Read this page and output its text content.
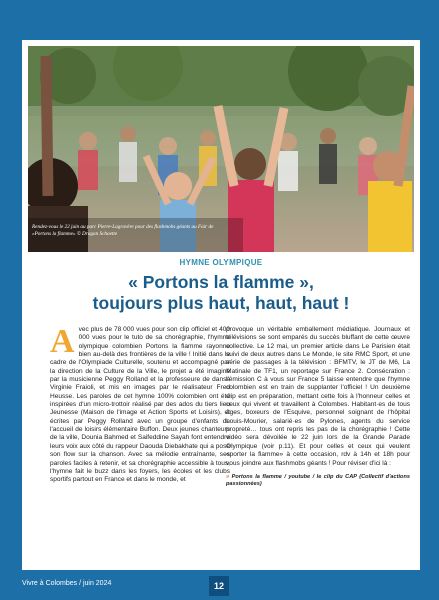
Rendez-vous le 22 juin au parc Pierre-Lagravère pour des flashmobs géants au Fair de «Portons la flamme» © Dragan Schoette
HYMNE OLYMPIQUE
« Portons la flamme »,
toujours plus haut, haut, haut !
A vec plus de 78 000 vues pour son clip officiel et 400 000 vues pour le tuto de sa chorégraphie, l'hymne olympique colombien Portons la flamme rayonne bien au-delà des frontières de la ville ! Initié dans le cadre de l'Olympiade Culturelle, soutenu et accompagné par la direction de la Culture de la Ville, le projet a été imaginé par la musicienne Peggy Rolland et la professeure de danse Virginie Fraioli, et mis en images par le réalisateur Fred Heusse. Les paroles de cet hymne 100% colombien ont été inspirées d'un micro-trottoir réalisé par des ados du tiers lieu Jeunesse (Maison de l'image et Action Sports et Loisirs), et écrites par Peggy Rolland avec un groupe d'enfants de l'accueil de loisirs élémentaire Buffon. Deux jeunes chanteurs de la ville, Dounia Bahmed et Saifeddine Sayah font entendre leurs voix aux côté du rappeur Daouda Diebakhate qui a posé son flow sur la chanson. Avec sa mélodie entraînante, ses paroles faciles à retenir, et sa chorégraphie accessible à tous, l'hymne fait le buzz dans les foyers, les écoles et les clubs sportifs partout en France et dans le monde, et

provoque un véritable emballement médiatique. Journaux et télévisions se sont emparés du succès bluffant de cette œuvre collective. Le 12 mai, un premier article dans Le Parisien était suivi de deux autres dans Le Monde, le site RMC Sport, et une série de passages à la télévision : BFMTV, le JT de M6, La Matinale de TF1, un reportage sur France 2. Consécration : l'émission C à vous sur France 5 laisse entendre que l'hymne colombien est en train de supplanter l'officiel ! Un deuxième clip est en préparation, mettant cette fois à l'honneur celles et ceux qui vivent et travaillent à Colombes. Habitant·es de tous âges, boxeurs de l'Esquive, personnel soignant de l'hôpital Louis-Mourier, salarié·es de Pylones, agents du service propreté… tous ont repris les pas de la chorégraphie ! Cette vidéo sera dévoilée le 22 juin lors de la Grande Parade Olympique (voir p.11). Et pour celles et ceux qui veulent «porter la flamme» à cette occasion, rdv à 14h et 18h pour vous joindre aux flashmobs géants ! Pour réviser d'ici là :

» Portons la flamme / youtube / le clip du CAP (Collectif d'actions passionnées)
Vivre à Colombes / juin 2024	12
